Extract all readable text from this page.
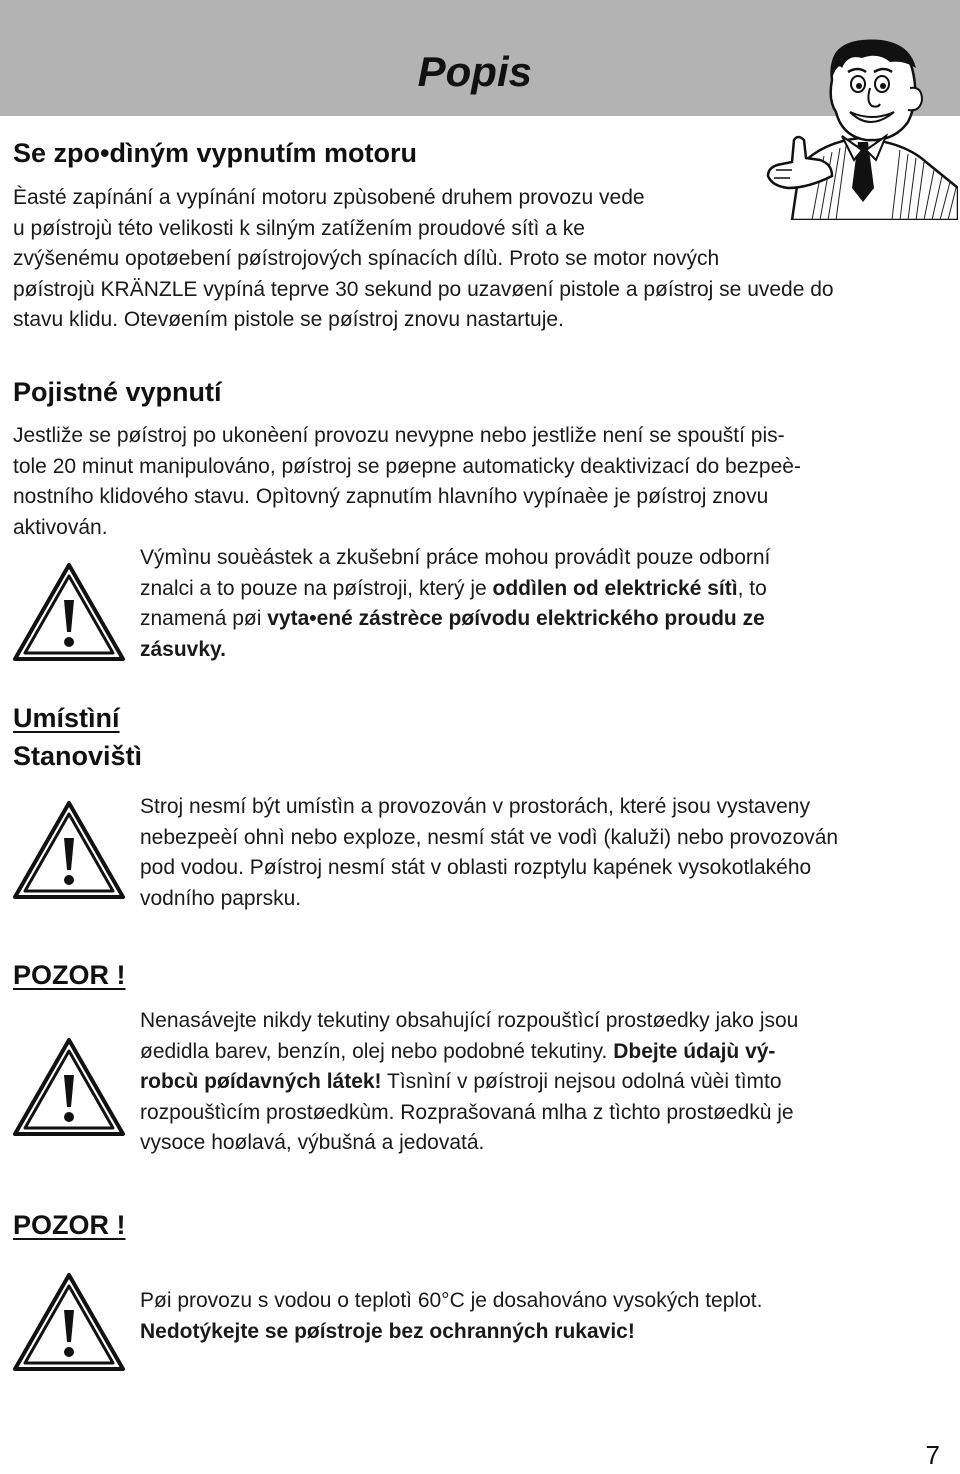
Popis
Se zpo•dìným vypnutím motoru
Èasté zapínání a vypínání motoru zpùsobené druhem provozu vede
u pøístrojù této velikosti k silným zatížením proudové sítì a ke
zvýšenému opotøebení pøístrojových spínacích dílù. Proto se motor nových
pøístrojù KRÄNZLE vypíná teprve 30 sekund po uzavøení pistole a pøístroj se uvede do
stavu klidu. Otevøením pistole se pøístroj znovu nastartuje.
Pojistné vypnutí
Jestliže se pøístroj po ukonèení provozu nevypne nebo jestliže není se spouští pis-
tole 20 minut manipulováno, pøístroj se pøepne automaticky deaktivizací do bezpeè-
nostního klidového stavu. Opìtovný zapnutím hlavního vypínaèe je pøístroj znovu
aktivován.
Výmìnu souèástek a zkušební práce mohou provádìt pouze odborní
znalci a to pouze na pøístroji, který je oddìlen od elektrické sítì, to
znamená pøi vyta•ené zástrèce pøívodu elektrického proudu ze
zásuvky.
Umístìní
Stanovištì
Stroj nesmí být umístìn a provozován v prostorách, které jsou vystaveny
nebezpeèí ohnì nebo exploze, nesmí stát ve vodì (kaluži) nebo provozován
pod vodou. Pøístroj nesmí stát v oblasti rozptylu kapének vysokotlakého
vodního paprsku.
POZOR !
Nenasávejte nikdy tekutiny obsahující rozpouštìcí prostøedky jako jsou
øedidla barev, benzín, olej nebo podobné tekutiny. Dbejte údajù vý-
robcù pøídavných látek! Tìsnìní v pøístroji nejsou odolná vùèi tìmto
rozpouštìcím prostøedkùm. Rozprašovaná mlha z tìchto prostøedkù je
vysoce hoølavá, výbušná a jedovatá.
POZOR !
Pøi provozu s vodou o teplotì 60°C je dosahováno vysokých teplot.
Nedotýkejte se pøístroje bez ochranných rukavic!
7
